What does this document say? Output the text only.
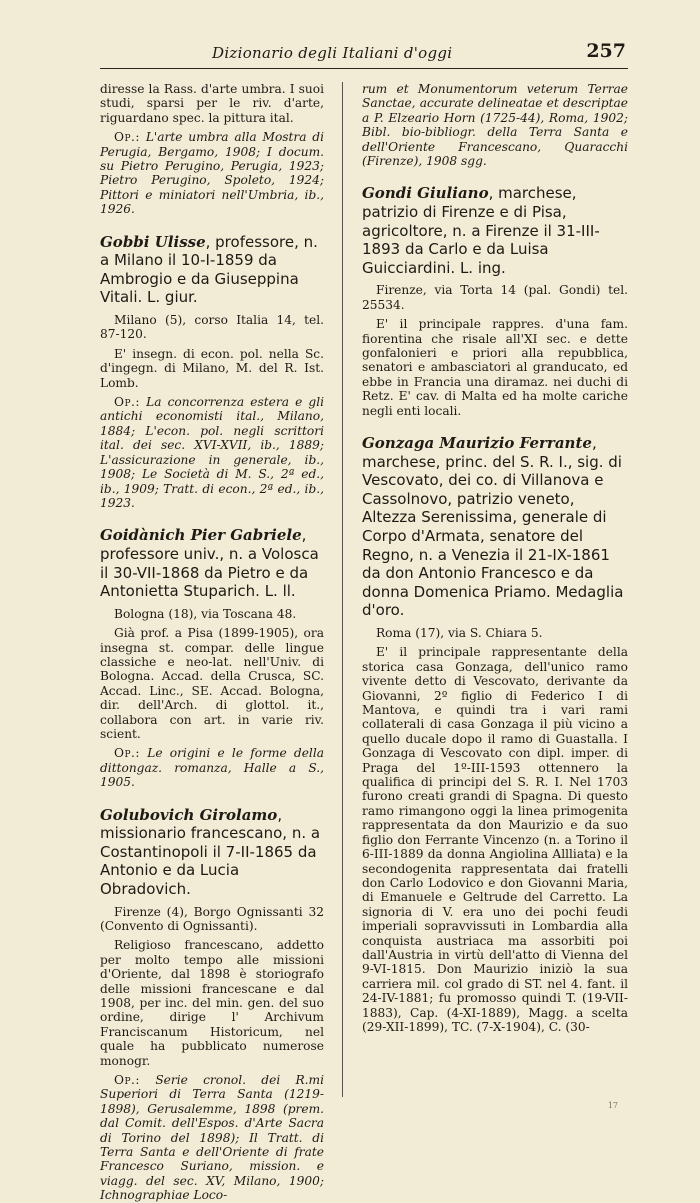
Dizionario degli Italiani d'oggi	257

diresse la Rass. d'arte umbra. I suoi studi, sparsi per le riv. d'arte, riguardano spec. la pittura ital.

Op.: L'arte umbra alla Mostra di Perugia, Bergamo, 1908; I docum. su Pietro Perugino, Perugia, 1923; Pietro Perugino, Spoleto, 1924; Pittori e miniatori nell'Umbria, ib., 1926.

Gobbi Ulisse, professore, n. a Milano il 10-I-1859 da Ambrogio e da Giuseppina Vitali. L. giur.

Milano (5), corso Italia 14, tel. 87-120.

E' insegn. di econ. pol. nella Sc. d'ingegn. di Milano, M. del R. Ist. Lomb.

Op.: La concorrenza estera e gli antichi economisti ital., Milano, 1884; L'econ. pol. negli scrittori ital. dei sec. XVI-XVII, ib., 1889; L'assicurazione in generale, ib., 1908; Le Società di M. S., 2ª ed., ib., 1909; Tratt. di econ., 2ª ed., ib., 1923.

Goidànich Pier Gabriele, professore univ., n. a Volosca il 30-VII-1868 da Pietro e da Antonietta Stuparich. L. ll.

Bologna (18), via Toscana 48.

Già prof. a Pisa (1899-1905), ora insegna st. compar. delle lingue classiche e neo-lat. nell'Univ. di Bologna. Accad. della Crusca, SC. Accad. Linc., SE. Accad. Bologna, dir. dell'Arch. di glottol. it., collabora con art. in varie riv. scient.

Op.: Le origini e le forme della dittongaz. romanza, Halle a S., 1905.

Golubovich Girolamo, missionario francescano, n. a Costantinopoli il 7-II-1865 da Antonio e da Lucia Obradovich.

Firenze (4), Borgo Ognissanti 32 (Convento di Ognissanti).

Religioso francescano, addetto per molto tempo alle missioni d'Oriente, dal 1898 è storiografo delle missioni francescane e dal 1908, per inc. del min. gen. del suo ordine, dirige l' Archivum Franciscanum Historicum, nel quale ha pubblicato numerose monogr.

Op.: Serie cronol. dei R.mi Superiori di Terra Santa (1219-1898), Gerusalemme, 1898 (prem. dal Comit. dell'Espos. d'Arte Sacra di Torino del 1898); Il Tratt. di Terra Santa e dell'Oriente di frate Francesco Suriano, mission. e viagg. del sec. XV, Milano, 1900; Ichnographiae Loco-

rum et Monumentorum veterum Terrae Sanctae, accurate delineatae et descriptae a P. Elzeario Horn (1725-44), Roma, 1902; Bibl. bio-bibliogr. della Terra Santa e dell'Oriente Francescano, Quaracchi (Firenze), 1908 sgg.

Gondi Giuliano, marchese, patrizio di Firenze e di Pisa, agricoltore, n. a Firenze il 31-III-1893 da Carlo e da Luisa Guicciardini. L. ing.

Firenze, via Torta 14 (pal. Gondi) tel. 25534.

E' il principale rappres. d'una fam. fiorentina che risale all'XI sec. e dette gonfalonieri e priori alla repubblica, senatori e ambasciatori al granducato, ed ebbe in Francia una diramaz. nei duchi di Retz. E' cav. di Malta ed ha molte cariche negli enti locali.

Gonzaga Maurizio Ferrante, marchese, princ. del S. R. I., sig. di Vescovato, dei co. di Villanova e Cassolnovo, patrizio veneto, Altezza Serenissima, generale di Corpo d'Armata, senatore del Regno, n. a Venezia il 21-IX-1861 da don Antonio Francesco e da donna Domenica Priamo. Medaglia d'oro.

Roma (17), via S. Chiara 5.

E' il principale rappresentante della storica casa Gonzaga, dell'unico ramo vivente detto di Vescovato, derivante da Giovanni, 2º figlio di Federico I di Mantova, e quindi tra i vari rami collaterali di casa Gonzaga il più vicino a quello ducale dopo il ramo di Guastalla. I Gonzaga di Vescovato con dipl. imper. di Praga del 1º-III-1593 ottennero la qualifica di principi del S. R. I. Nel 1703 furono creati grandi di Spagna. Di questo ramo rimangono oggi la linea primogenita rappresentata da don Maurizio e da suo figlio don Ferrante Vincenzo (n. a Torino il 6-III-1889 da donna Angiolina Allliata) e la secondogenita rappresentata dai fratelli don Carlo Lodovico e don Giovanni Maria, di Emanuele e Geltrude del Carretto. La signoria di V. era uno dei pochi feudi imperiali sopravvissuti in Lombardia alla conquista austriaca ma assorbiti poi dall'Austria in virtù dell'atto di Vienna del 9-VI-1815. Don Maurizio iniziò la sua carriera mil. col grado di ST. nel 4. fant. il 24-IV-1881; fu promosso quindi T. (19-VII-1883), Cap. (4-XI-1889), Magg. a scelta (29-XII-1899), TC. (7-X-1904), C. (30-

17
